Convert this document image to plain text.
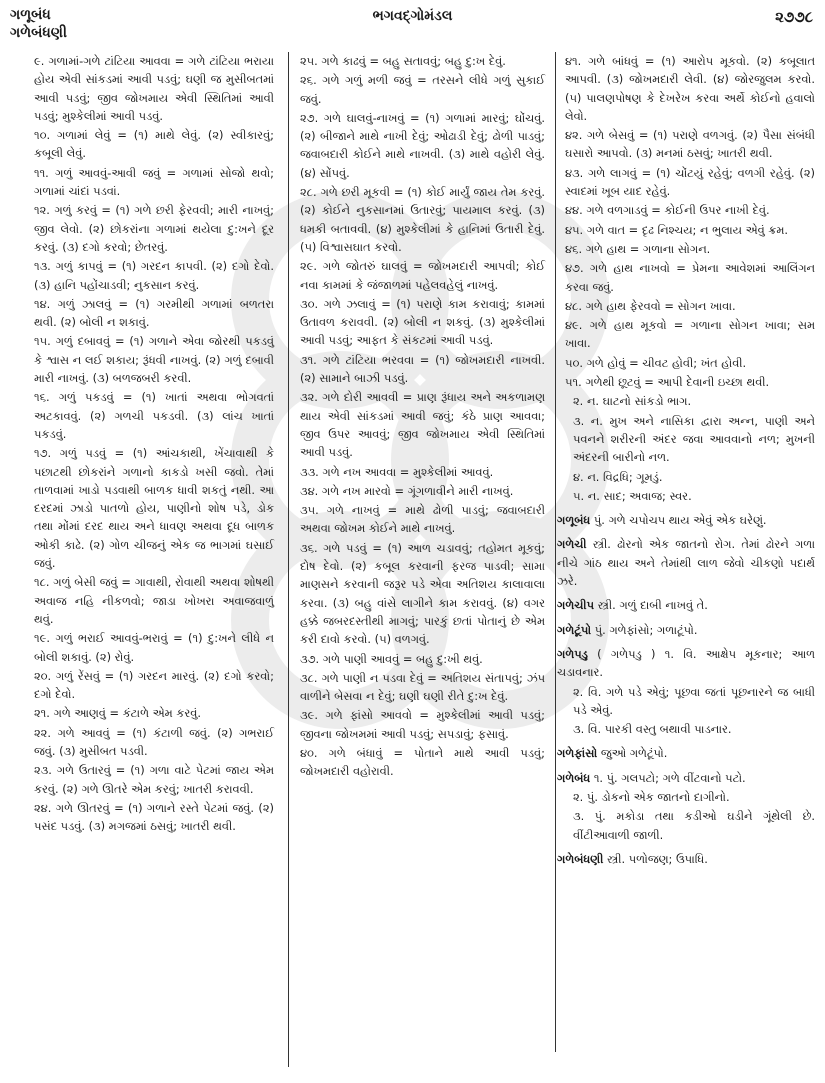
ગળૂબંધ
ગળેબંધણી
ભગવદ્ગોમંડલ	૨૭૭૮
૯. ગળામાં-ગળે ટાંટિયા આવવા = ગળે ટાંટિયા ભરાયા હોય એવી સાંકડમાં આવી પડવું; ઘણી જ મુસીબતમાં આવી પડવું; જીવ જોખમાય એવી સ્થિતિમાં આવી પડવું; મુશ્કેલીમાં આવી પડવું.
૧૦. ગળામાં લેવું = (૧) માથે લેવું. (૨) સ્વીકારવું; કબૂલી લેવું.
૧૧. ગળું આવવું-આવી જવું = ગળામાં સોજો થવો; ગળામાં ચાંદાં પડવાં.
૧૨. ગળું કરવું = (૧) ગળે છરી ફેરવવી; મારી નાખવું; જીવ લેવો. (૨) છોકરાંના ગળામાં થયેલા દુ:ખને દૂર કરવું. (૩) દગો કરવો; છેતરવું.
૧૩. ગળું કાપવું = (૧) ગરદન કાપવી. (૨) દગો દેવો. (૩) હાનિ પહોંચાડવી; નુકસાન કરવું.
૧૪. ગળું ઝાલવું = (૧) ગરમીથી ગળામાં બળતરા થવી. (૨) બોલી ન શકાવું.
૧૫. ગળું દબાવવું = (૧) ગળાને એવા જોરથી પકડવું કે શ્વાસ ન લઈ શકાય; રૂંધવી નાખવું. (૨) ગળું દબાવી મારી નાખવું. (૩) બળજબરી કરવી.
૧૬. ગળું પકડવું = (૧) ખાતાં અથવા ભોગવતાં અટકાવવું. (૨) ગળચી પકડવી. (૩) લાંચ ખાતાં પકડવું.
૧૭. ગળું પડવું = (૧) આંચકાથી, ખેંચાવાથી કે પછાટથી છોકરાંને ગળાનો કાકડો ખસી જવો. તેમાં તાળવામાં ખાડો પડવાથી બાળક ધાવી શકતું નથી. આ દરદમાં ઝાડો પાતળો હોય, પાણીનો શોષ પડે, ડોક તથા મોંમાં દરદ થાય અને ધાવણ અથવા દૂધ બાળક ઓકી કાઢે. (૨) ગોળ ચીજનું એક જ ભાગમાં ઘસાઈ જવું.
૧૮. ગળું બેસી જવું = ગાવાથી, રોવાથી અથવા શોષથી અવાજ નહિ નીકળવો; જાડા ખોખરા અવાજવાળું થવું.
૧૯. ગળું ભરાઈ આવવું-ભરાવું = (૧) દુ:ખને લીધે ન બોલી શકાવું. (૨) રોવું.
૨૦. ગળું રેંસવું = (૧) ગરદન મારવું. (૨) દગો કરવો; દગો દેવો.
૨૧. ગળે આણવું = કંટાળે એમ કરવું.
૨૨. ગળે આવવું = (૧) કંટાળી જવું. (૨) ગભરાઈ જવું. (૩) મુસીબત પડવી.
૨૩. ગળે ઉતારવું = (૧) ગળા વાટે પેટમાં જાય એમ કરવું. (૨) ગળે ઊતરે એમ કરવું; ખાતરી કરાવવી.
૨૪. ગળે ઊતરવું = (૧) ગળાને રસ્તે પેટમાં જવું. (૨) પસંદ પડવું. (૩) મગજમાં ઠસવું; ખાતરી થવી.
૨૫. ગળે કાઢવું = બહુ સતાવવું; બહુ દુ:ખ દેવું.
૨૬. ગળે ગળું મળી જવું = તરસને લીધે ગળું સુકાઈ જવું.
૨૭. ગળે ઘાલવું-નાખવું = (૧) ગળામાં મારવું; ઘોંચવું. (૨) બીજાને માથે નાખી દેવું; ઓઢાડી દેવું; ઢોળી પાડવું; જવાબદારી કોઈને માથે નાખવી. (૩) માથે વહોરી લેવું. (૪) સોંપવું.
૨૮. ગળે છરી મૂકવી = (૧) કોઈ માર્યું જાય તેમ કરવું. (૨) કોઈને નુકસાનમાં ઉતારવું; પાયમાલ કરવું. (૩) ધમકી બતાવવી. (૪) મુશ્કેલીમાં કે હાનિમાં ઉતારી દેવું. (૫) વિશ્વાસઘાત કરવો.
૨૯. ગળે જોતરું ઘાલવું = જોખમદારી આપવી; કોઈ નવા કામમાં કે જંજાળમાં પહેલવહેલું નાખવું.
૩૦. ગળે ઝલાવું = (૧) પરાણે કામ કરાવાવું; કામમાં ઉતાવળ કરાવવી. (૨) બોલી ન શકવું. (૩) મુશ્કેલીમાં આવી પડવું; આફત કે સંકટમાં આવી પડવું.
૩૧. ગળે ટાંટિયા ભરવવા = (૧) જોખમદારી નાખવી. (૨) સામાને બાઝી પડવું.
૩૨. ગળે દોરી આવવી = પ્રાણ રૂંધાય અને અકળામણ થાય એવી સાંકડમાં આવી જવું; કંઠે પ્રાણ આવવા; જીવ ઉપર આવવું; જીવ જોખમાય એવી સ્થિતિમાં આવી પડવું.
૩૩. ગળે નખ આવવા = મુશ્કેલીમાં આવવું.
૩૪. ગળે નખ મારવો = ગૂંગળાવીને મારી નાખવું.
૩૫. ગળે નાખવું = માથે ઢોળી પાડવું; જવાબદારી અથવા જોખમ કોઈને માથે નાખવું.
૩૬. ગળે પડવું = (૧) આળ ચડાવવું; તહોમત મૂકવું; દોષ દેવો. (૨) કબૂલ કરવાની ફરજ પાડવી; સામા માણસને કરવાની જરૂર પડે એવા અતિશય કાલાવાલા કરવા. (૩) બહુ વાંસે લાગીને કામ કરાવવું. (૪) વગર હક્કે જબરદસ્તીથી માગવું; પારકું છતાં પોતાનું છે એમ કરી દાવો કરવો. (૫) વળગવું.
૩૭. ગળે પાણી આવવું = બહુ દુ:ખી થવું.
૩૮. ગળે પાણી ન પડવા દેવું = અતિશય સંતાપવું; ઝંપ વાળીને બેસવા ન દેવું; ઘણી ઘણી રીતે દુ:ખ દેવું.
૩૯. ગળે ફાંસો આવવો = મુશ્કેલીમાં આવી પડવું; જીવના જોખમમાં આવી પડવું; સપડાવું; ફસાવું.
૪૦. ગળે બંધાવું = પોતાને માથે આવી પડવું; જોખમદારી વહોરાવી.
૪૧. ગળે બાંધવું = (૧) આરોપ મૂકવો. (૨) કબૂલાત આપવી. (૩) જોખમદારી લેવી. (૪) જોરજુલમ કરવો. (૫) પાલણપોષણ કે દેખરેખ કરવા અર્થે કોઈનો હવાલો લેવો.
૪૨. ગળે બેસવું = (૧) પરાણે વળગવું. (૨) પૈસા સંબંધી ઘસારો આપવો. (૩) મનમાં ઠસવું; ખાતરી થવી.
૪૩. ગળે લાગવું = (૧) ચોંટયું રહેવું; વળગી રહેવું. (૨) સ્વાદમાં ખૂબ યાદ રહેવું.
૪૪. ગળે વળગાડવું = કોઈની ઉપર નાખી દેવું.
૪૫. ગળે વાત = દૃઢ નિશ્ચય; ન ભુલાય એવું ક્રમ.
૪૬. ગળે હાથ = ગળાના સોગન.
૪૭. ગળે હાથ નાખવો = પ્રેમના આવેશમાં આલિંગન કરવા જવું.
૪૮. ગળે હાથ ફેરવવો = સોગન ખાવા.
૪૯. ગળે હાથ મૂકવો = ગળાના સોગન ખાવા; સમ ખાવા.
૫૦. ગળે હોવું = ચીવટ હોવી; ખંત હોવી.
૫૧. ગળેથી છૂટવું = આપી દેવાની ઇચ્છા થવી.
૨. ન. ઘાટનો સાંકડો ભાગ.
૩. ન. મુખ અને નાસિકા દ્વારા અન્ન, પાણી અને પવનને શરીરની અંદર જવા આવવાનો નળ; મુખની અંદરની બારીનો નળ.
૪. ન. વિદ્રધિ; ગૂમડું.
૫. ન. સાદ; અવાજ; સ્વર.
ગળૂબંધ પું. ગળે ચપોચપ થાય એવું એક ઘરેણું.
ગળેચી સ્ત્રી. ઢોરનો એક જાતનો રોગ. તેમાં ઢોરને ગળા નીચે ગાંઠ થાય અને તેમાંથી લાળ જેવો ચીકણો પદાર્થ ઝરે.
ગળેચીપ સ્ત્રી. ગળું દાબી નાખવું તે.
ગળેટૂંપો પું. ગળેફાંસો; ગળાટૂંપો.
ગળેપડુ ( ગળેપડુ ) ૧. વિ. આક્ષેપ મૂકનાર; આળ ચડાવનાર.
૨. વિ. ગળે પડે એવું; પૂછવા જતાં પૂછનારને જ બાધી પડે એવું.
૩. વિ. પારકી વસ્તુ બથાવી પાડનાર.
ગળેફાંસો જુઓ ગળેટૂંપો.
ગળેબંધ ૧. પું. ગલપટો; ગળે વીંટવાનો પટો.
૨. પું. ડોકનો એક જાતનો દાગીનો.
૩. પું. મકોડા તથા કડીઓ ઘડીને ગૂંથેલી છે. વીંટીઆવાળી જાળી.
ગળેબંધણી સ્ત્રી. પળોજણ; ઉપાધિ.
